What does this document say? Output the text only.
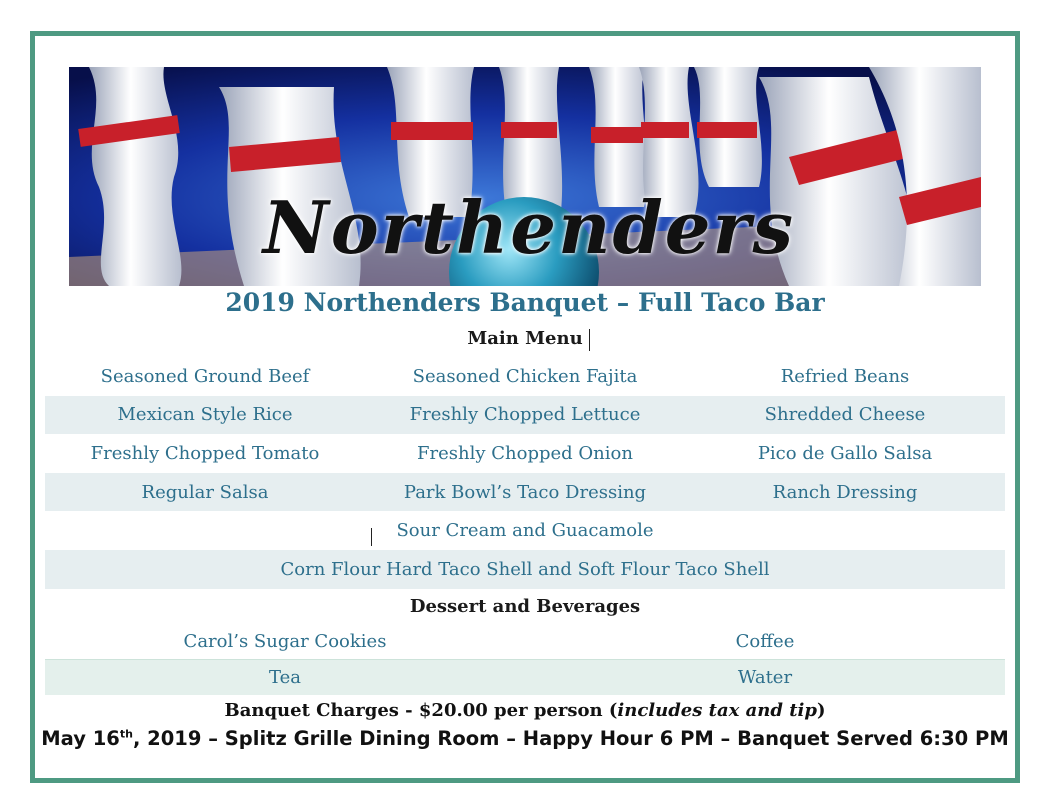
Northenders
2019 Northenders Banquet – Full Taco Bar
Main Menu
Seasoned Ground Beef	Seasoned Chicken Fajita	Refried Beans
Mexican Style Rice	Freshly Chopped Lettuce	Shredded Cheese
Freshly Chopped Tomato	Freshly Chopped Onion	Pico de Gallo Salsa
Regular Salsa	Park Bowl’s Taco Dressing	Ranch Dressing
Sour Cream and Guacamole
Corn Flour Hard Taco Shell and Soft Flour Taco Shell
Dessert and Beverages
Carol’s Sugar Cookies	Coffee
Tea	Water
Banquet Charges - $20.00 per person (includes tax and tip)
May 16th, 2019 – Splitz Grille Dining Room – Happy Hour 6 PM – Banquet Served 6:30 PM
